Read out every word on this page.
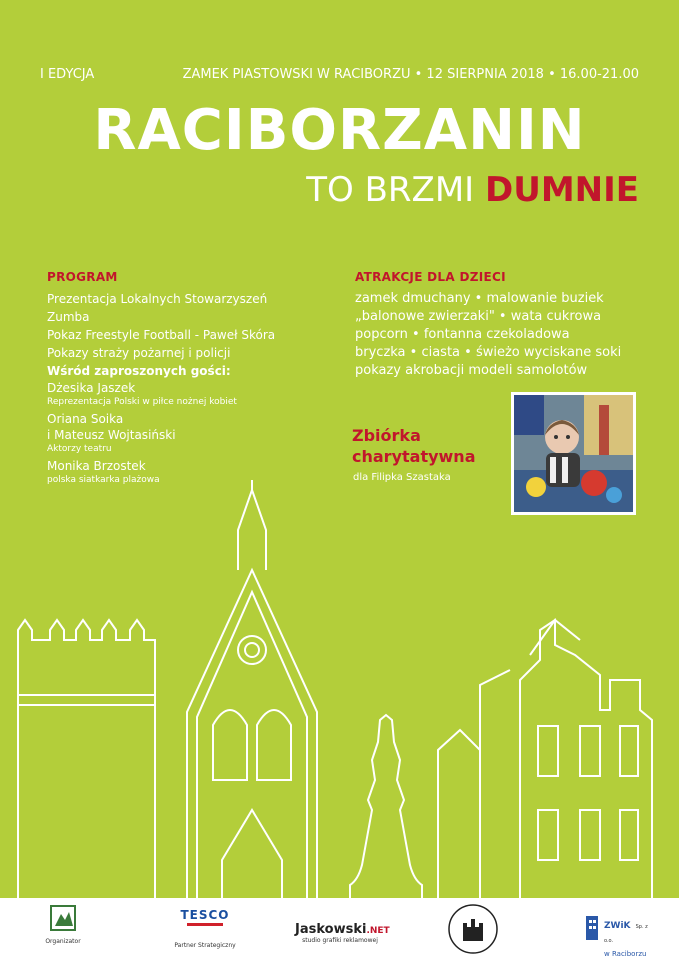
I EDYCJA	ZAMEK PIASTOWSKI W RACIBORZU • 12 SIERPNIA 2018 • 16.00-21.00
RACIBORZANIN
TO BRZMI DUMNIE
PROGRAM
Prezentacja Lokalnych Stowarzyszeń
Zumba
Pokaz Freestyle Football - Paweł Skóra
Pokazy straży pożarnej i policji
Wśród zaproszonych gości:
Dżesika Jaszek
Reprezentacja Polski w piłce nożnej kobiet
Oriana Soika
i Mateusz Wojtasiński
Aktorzy teatru
Monika Brzostek
polska siatkarka plażowa
ATRAKCJE DLA DZIECI
zamek dmuchany • malowanie buziek
„balonowe zwierzaki" • wata cukrowa
popcorn • fontanna czekoladowa
bryczka • ciasta • świeżo wyciskane soki
pokazy akrobacji modeli samolotów
Zbiórka
charytatywna
dla Filipka Szastaka
Organizator
TESCO
Partner Strategiczny
Jaskowski.NET
studio grafiki reklamowej
ZWiK Sp. z o.o.
w Raciborzu
